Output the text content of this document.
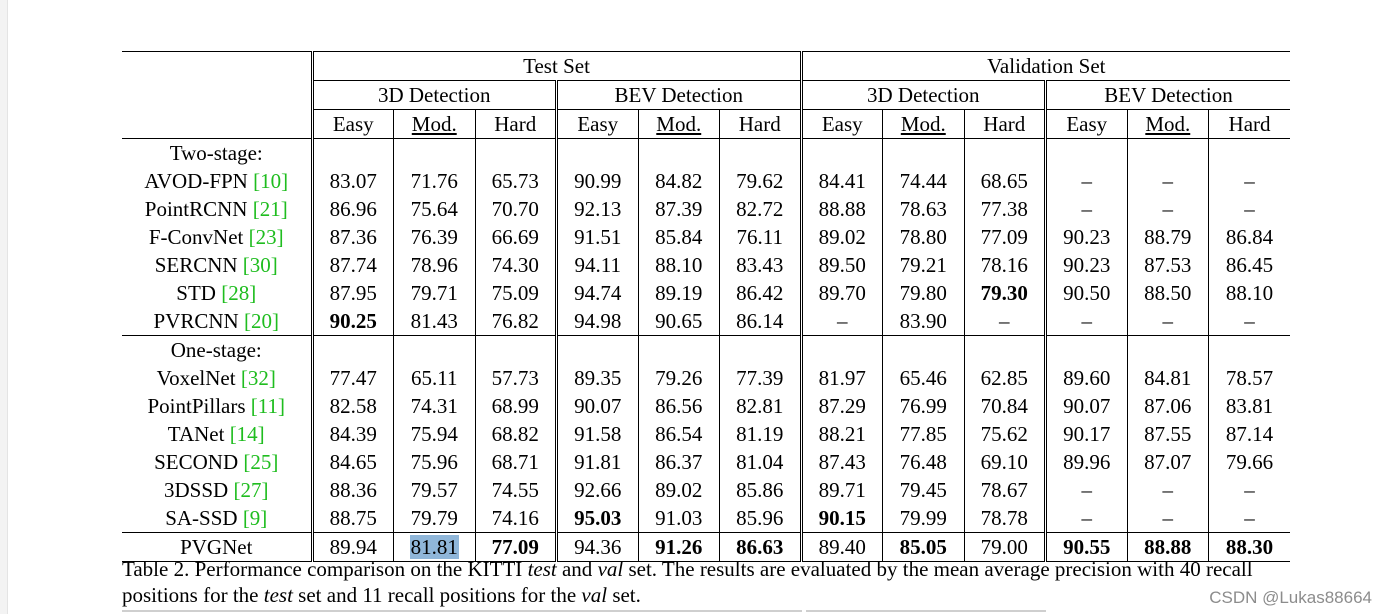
	Test Set						Validation Set					
	3D Detection			BEV Detection			3D Detection			BEV Detection		
	Easy	Mod.	Hard	Easy	Mod.	Hard	Easy	Mod.	Hard	Easy	Mod.	Hard
Two-stage:												
AVOD-FPN [10]	83.07	71.76	65.73	90.99	84.82	79.62	84.41	74.44	68.65	–	–	–
PointRCNN [21]	86.96	75.64	70.70	92.13	87.39	82.72	88.88	78.63	77.38	–	–	–
F-ConvNet [23]	87.36	76.39	66.69	91.51	85.84	76.11	89.02	78.80	77.09	90.23	88.79	86.84
SERCNN [30]	87.74	78.96	74.30	94.11	88.10	83.43	89.50	79.21	78.16	90.23	87.53	86.45
STD [28]	87.95	79.71	75.09	94.74	89.19	86.42	89.70	79.80	79.30	90.50	88.50	88.10
PVRCNN [20]	90.25	81.43	76.82	94.98	90.65	86.14	–	83.90	–	–	–	–
One-stage:												
VoxelNet [32]	77.47	65.11	57.73	89.35	79.26	77.39	81.97	65.46	62.85	89.60	84.81	78.57
PointPillars [11]	82.58	74.31	68.99	90.07	86.56	82.81	87.29	76.99	70.84	90.07	87.06	83.81
TANet [14]	84.39	75.94	68.82	91.58	86.54	81.19	88.21	77.85	75.62	90.17	87.55	87.14
SECOND [25]	84.65	75.96	68.71	91.81	86.37	81.04	87.43	76.48	69.10	89.96	87.07	79.66
3DSSD [27]	88.36	79.57	74.55	92.66	89.02	85.86	89.71	79.45	78.67	–	–	–
SA-SSD [9]	88.75	79.79	74.16	95.03	91.03	85.96	90.15	79.99	78.78	–	–	–
PVGNet	89.94	81.81	77.09	94.36	91.26	86.63	89.40	85.05	79.00	90.55	88.88	88.30
Table 2. Performance comparison on the KITTI test and val set. The results are evaluated by the mean average precision with 40 recall positions for the test set and 11 recall positions for the val set.	CSDN @Lukas88664
